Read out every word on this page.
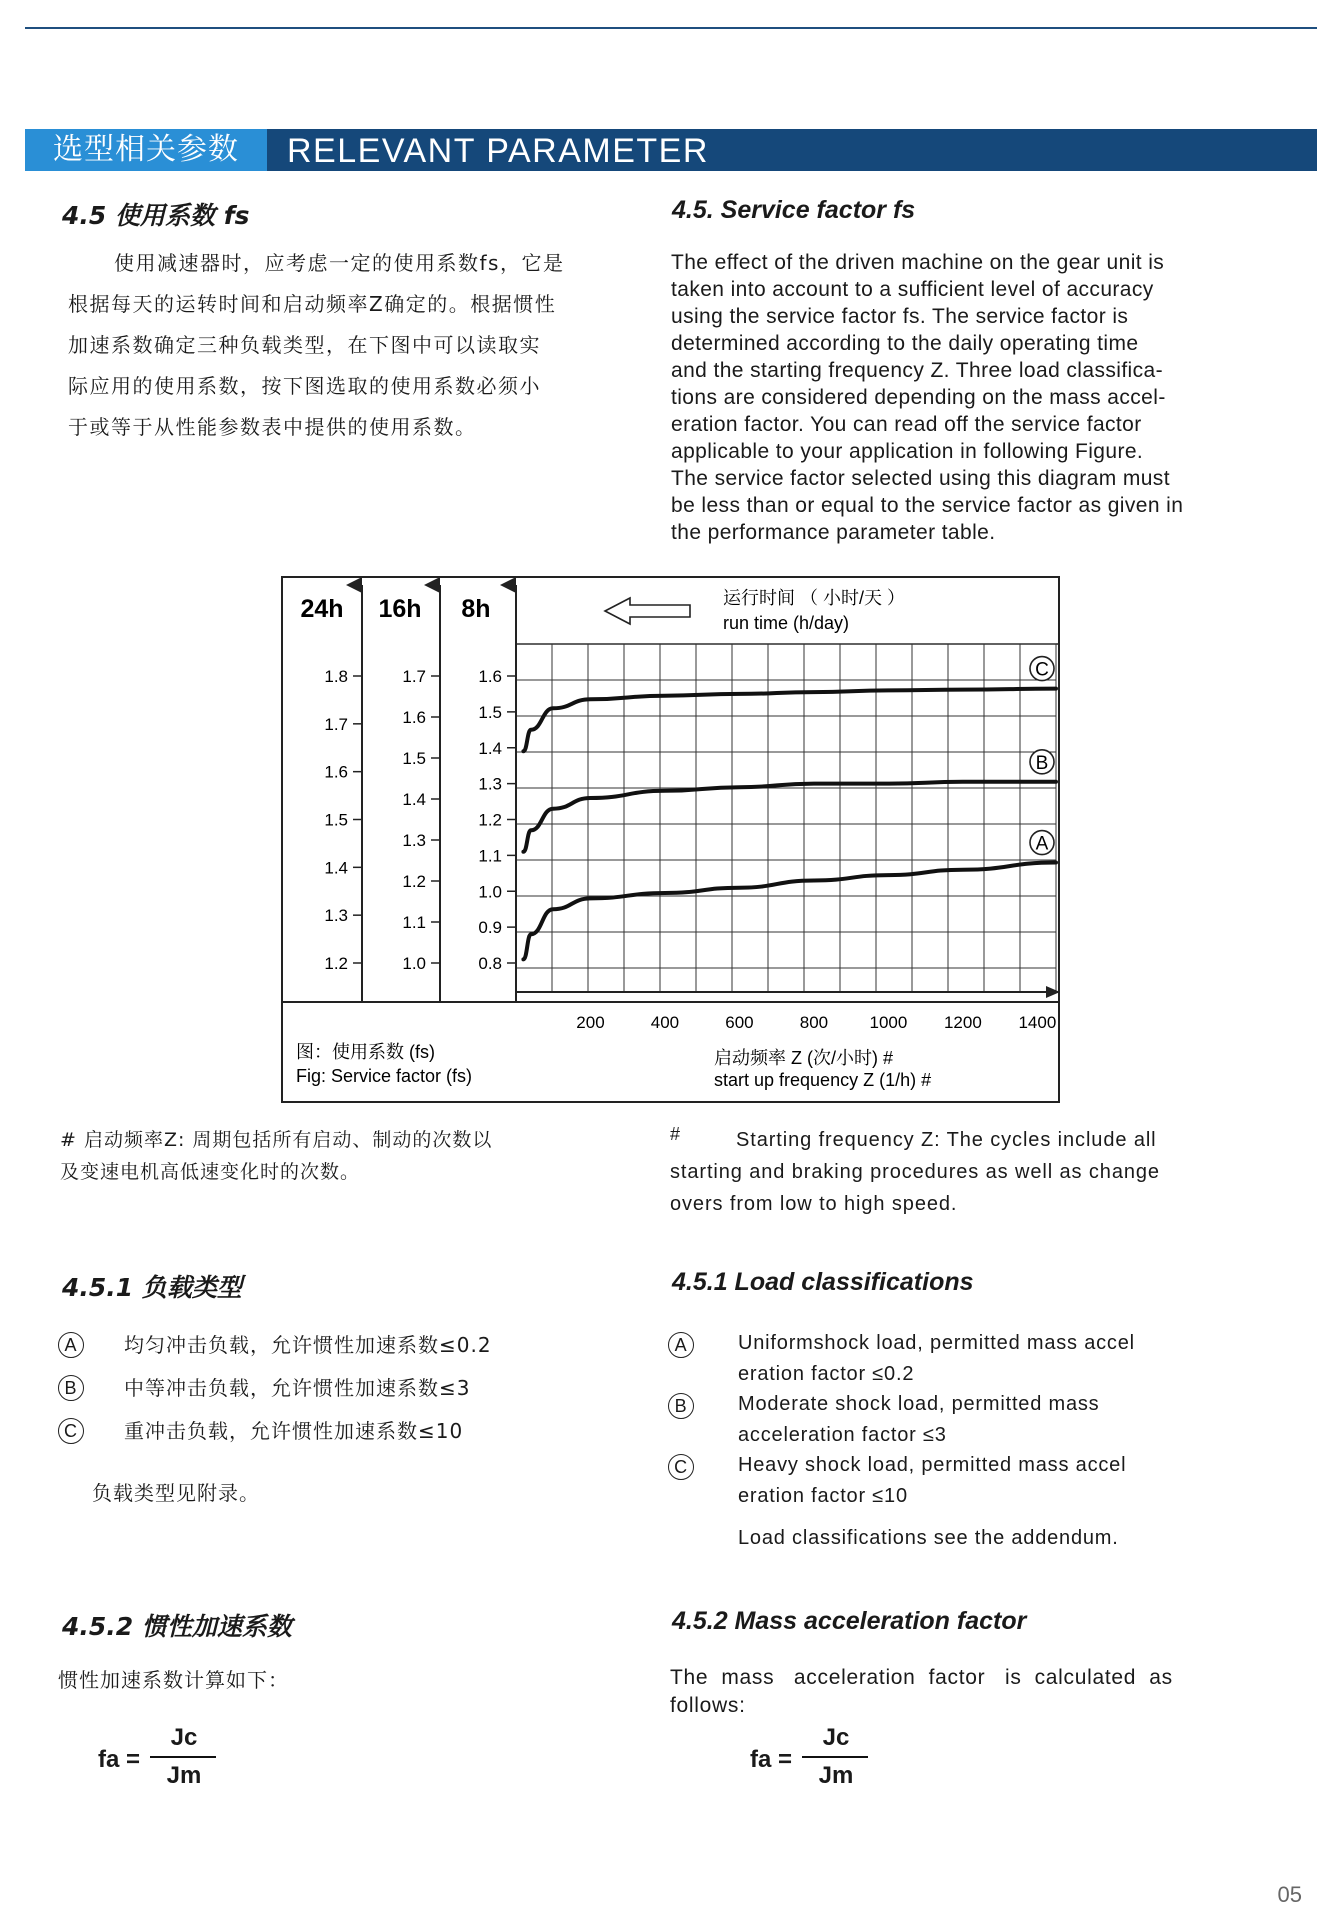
选型相关参数	RELEVANT PARAMETER
4.5 使用系数 fs	4.5. Service factor fs
使用减速器时，应考虑一定的使用系数fs，它是
根据每天的运转时间和启动频率Z确定的。根据惯性
加速系数确定三种负载类型，在下图中可以读取实
际应用的使用系数，按下图选取的使用系数必须小
于或等于从性能参数表中提供的使用系数。
The effect of the driven machine on the gear unit is
taken into account to a sufficient level of accuracy
using the service factor fs. The service factor is
determined according to the daily operating time
and the starting frequency Z. Three load classifica-
tions are considered depending on the mass accel-
eration factor. You can read off the service factor
applicable to your application in following Figure.
The service factor selected using this diagram must
be less than or equal to the service factor as given in
the performance parameter table.
200	400	600	800 1000 1200 1400
24h
1.8
1.7
1.6
1.5
1.4
1.3
1.2
16h
1.7
1.6
1.5
1.4
1.3
1.2
1.1
1.0
8h
1.6
1.5
1.4
1.3
1.2
1.1
1.0
0.9
0.8
C
B
A
运行时间 （ 小时/天 ）
run time (h/day)
图：使用系数 (fs)
Fig: Service factor (fs)
启动频率 Z (次/小时) #
start up frequency Z (1/h) #
# 启动频率Z: 周期包括所有启动、制动的次数以
及变速电机高低速变化时的次数。
#	Starting frequency Z: The cycles include all
starting and braking procedures as well as change
overs from low to high speed.
4.5.1 负载类型	4.5.1 Load classifications
A	均匀冲击负载，允许惯性加速系数≤0.2
B	中等冲击负载，允许惯性加速系数≤3
C	重冲击负载，允许惯性加速系数≤10
负载类型见附录。
A	Uniformshock load, permitted mass accel
eration factor ≤0.2
B	Moderate shock load, permitted mass
acceleration factor ≤3
C	Heavy shock load, permitted mass accel
eration factor ≤10
Load classifications see the addendum.
4.5.2 惯性加速系数	4.5.2 Mass acceleration factor
惯性加速系数计算如下：	The  mass   acceleration  factor   is  calculated  as
follows:
fa =
Jc
Jm
fa =
Jc
Jm
05
